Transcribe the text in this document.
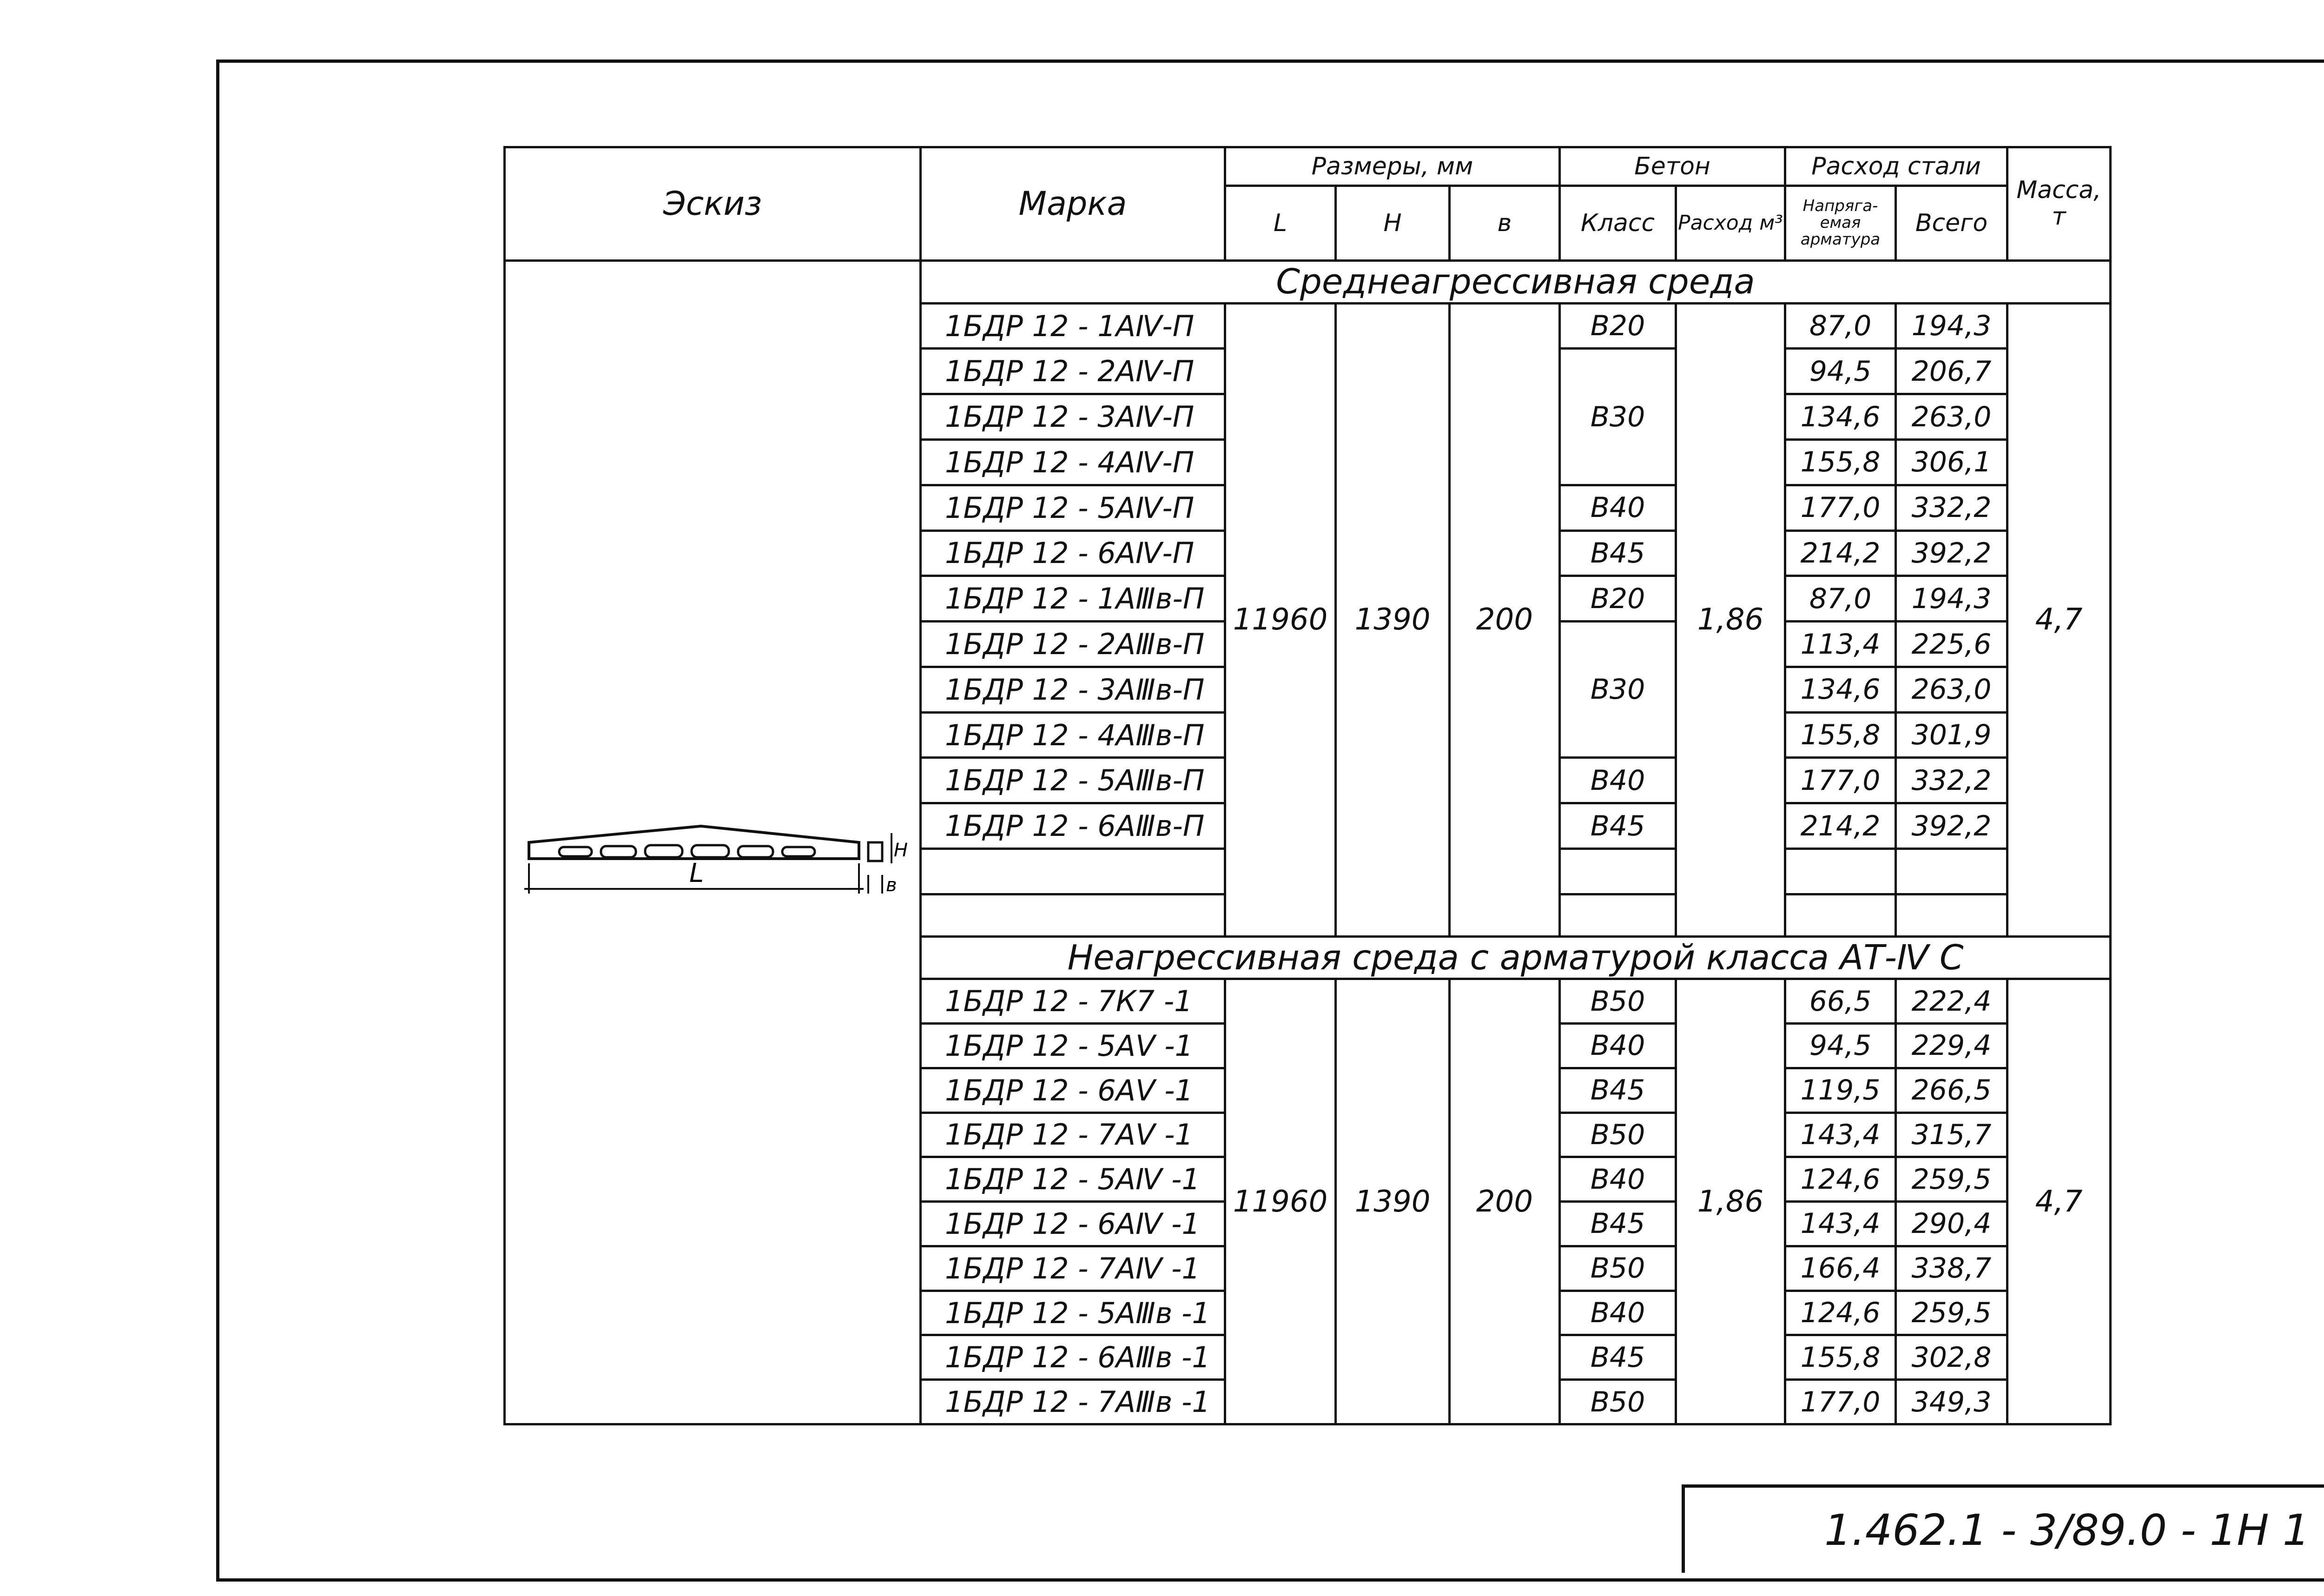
Эскиз	Марка	Размеры, мм			Бетон		Расход стали		Масса, т
		L	Н	в	Класс	Расход м³	Напряга-емая арматура	Всего	

L
Н
в	Среднеагрессивная среда								
	1БДР 12 - 1АⅣ-П	11960	1390	200	В20	1,86	87,0	194,3	4,7
	1БДР 12 - 2АⅣ-П				В30		94,5	206,7	
	1БДР 12 - 3АⅣ-П						134,6	263,0	
	1БДР 12 - 4АⅣ-П						155,8	306,1	
	1БДР 12 - 5АⅣ-П				В40		177,0	332,2	
	1БДР 12 - 6АⅣ-П				В45		214,2	392,2	
	1БДР 12 - 1АⅢв-П				В20		87,0	194,3	
	1БДР 12 - 2АⅢв-П				В30		113,4	225,6	
	1БДР 12 - 3АⅢв-П						134,6	263,0	
	1БДР 12 - 4АⅢв-П						155,8	301,9	
	1БДР 12 - 5АⅢв-П				В40		177,0	332,2	
	1БДР 12 - 6АⅢв-П				В45		214,2	392,2	

	Неагрессивная среда с арматурой класса АТ-Ⅳ С								
	1БДР 12 - 7К7 -1	11960	1390	200	В50	1,86	66,5	222,4	4,7
	1БДР 12 - 5АⅤ -1				В40		94,5	229,4	
	1БДР 12 - 6АⅤ -1				В45		119,5	266,5	
	1БДР 12 - 7АⅤ -1				В50		143,4	315,7	
	1БДР 12 - 5АⅣ -1				В40		124,6	259,5	
	1БДР 12 - 6АⅣ -1				В45		143,4	290,4	
	1БДР 12 - 7АⅣ -1				В50		166,4	338,7	
	1БДР 12 - 5АⅢв -1				В40		124,6	259,5	
	1БДР 12 - 6АⅢв -1				В45		155,8	302,8	
	1БДР 12 - 7АⅢв -1				В50		177,0	349,3	
1.462.1 - 3/89.0 - 1Н 1
